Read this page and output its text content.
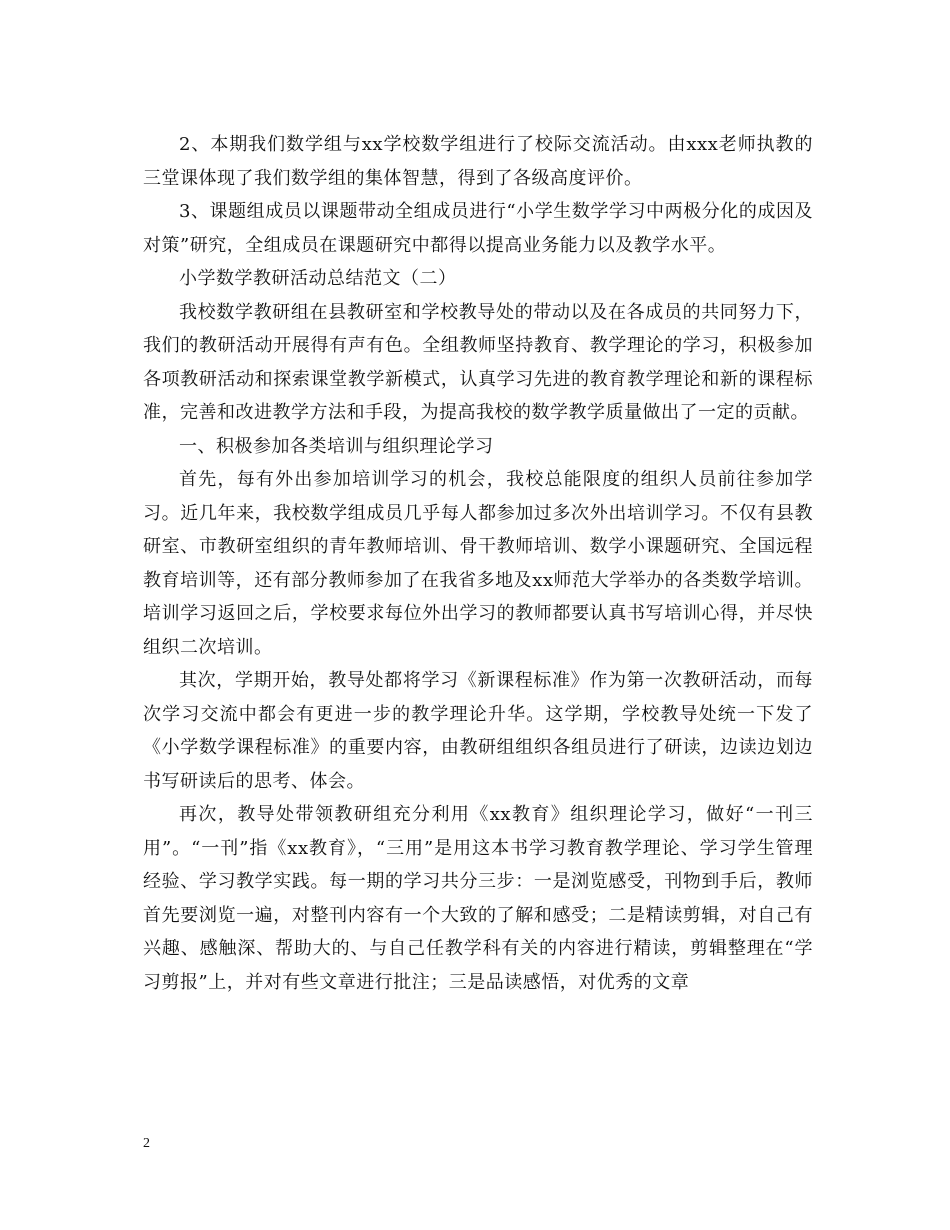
2、本期我们数学组与xx学校数学组进行了校际交流活动。由xxx老师执教的三堂课体现了我们数学组的集体智慧，得到了各级高度评价。

3、课题组成员以课题带动全组成员进行“小学生数学学习中两极分化的成因及对策”研究，全组成员在课题研究中都得以提高业务能力以及教学水平。

小学数学教研活动总结范文（二）

我校数学教研组在县教研室和学校教导处的带动以及在各成员的共同努力下，我们的教研活动开展得有声有色。全组教师坚持教育、教学理论的学习，积极参加各项教研活动和探索课堂教学新模式，认真学习先进的教育教学理论和新的课程标准，完善和改进教学方法和手段，为提高我校的数学教学质量做出了一定的贡献。

一、积极参加各类培训与组织理论学习

首先，每有外出参加培训学习的机会，我校总能限度的组织人员前往参加学习。近几年来，我校数学组成员几乎每人都参加过多次外出培训学习。不仅有县教研室、市教研室组织的青年教师培训、骨干教师培训、数学小课题研究、全国远程教育培训等，还有部分教师参加了在我省多地及xx师范大学举办的各类数学培训。培训学习返回之后，学校要求每位外出学习的教师都要认真书写培训心得，并尽快组织二次培训。

其次，学期开始，教导处都将学习《新课程标准》作为第一次教研活动，而每次学习交流中都会有更进一步的教学理论升华。这学期，学校教导处统一下发了《小学数学课程标准》的重要内容，由教研组组织各组员进行了研读，边读边划边书写研读后的思考、体会。

再次，教导处带领教研组充分利用《xx教育》组织理论学习，做好“一刊三用”。“一刊”指《xx教育》，“三用”是用这本书学习教育教学理论、学习学生管理经验、学习教学实践。每一期的学习共分三步：一是浏览感受，刊物到手后，教师首先要浏览一遍，对整刊内容有一个大致的了解和感受；二是精读剪辑，对自己有兴趣、感触深、帮助大的、与自己任教学科有关的内容进行精读，剪辑整理在“学习剪报”上，并对有些文章进行批注；三是品读感悟，对优秀的文章

2
